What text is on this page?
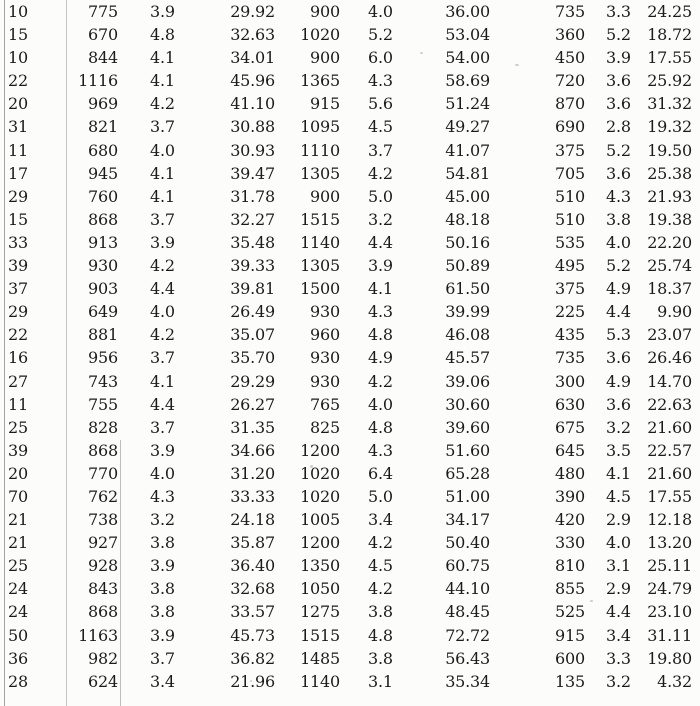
10	775 3.9	29.92	900 4.0	36.00	735 3.3	24.25
15	670 4.8	32.63	1020 5.2	53.04	360 5.2	18.72
10	844 4.1	34.01	900 6.0	54.00	450 3.9	17.55
22	1116 4.1	45.96	1365 4.3	58.69	720 3.6	25.92
20	969 4.2	41.10	915 5.6	51.24	870 3.6	31.32
31	821 3.7	30.88	1095 4.5	49.27	690 2.8	19.32
11	680 4.0	30.93	1110 3.7	41.07	375 5.2	19.50
17	945 4.1	39.47	1305 4.2	54.81	705 3.6	25.38
29	760 4.1	31.78	900 5.0	45.00	510 4.3	21.93
15	868 3.7	32.27	1515 3.2	48.18	510 3.8	19.38
33	913 3.9	35.48	1140 4.4	50.16	535 4.0	22.20
39	930 4.2	39.33	1305 3.9	50.89	495 5.2	25.74
37	903 4.4	39.81	1500 4.1	61.50	375 4.9	18.37
29	649 4.0	26.49	930 4.3	39.99	225 4.4	9.90
22	881 4.2	35.07	960 4.8	46.08	435 5.3	23.07
16	956 3.7	35.70	930 4.9	45.57	735 3.6	26.46
27	743 4.1	29.29	930 4.2	39.06	300 4.9	14.70
11	755 4.4	26.27	765 4.0	30.60	630 3.6	22.63
25	828 3.7	31.35	825 4.8	39.60	675 3.2	21.60
39	868 3.9	34.66	1200 4.3	51.60	645 3.5	22.57
20	770 4.0	31.20	1020 6.4	65.28	480 4.1	21.60
70	762 4.3	33.33	1020 5.0	51.00	390 4.5	17.55
21	738 3.2	24.18	1005 3.4	34.17	420 2.9	12.18
21	927 3.8	35.87	1200 4.2	50.40	330 4.0	13.20
25	928 3.9	36.40	1350 4.5	60.75	810 3.1	25.11
24	843 3.8	32.68	1050 4.2	44.10	855 2.9	24.79
24	868 3.8	33.57	1275 3.8	48.45	525 4.4	23.10
50	1163 3.9	45.73	1515 4.8	72.72	915 3.4	31.11
36	982 3.7	36.82	1485 3.8	56.43	600 3.3	19.80
28	624 3.4	21.96	1140 3.1	35.34	135 3.2	4.32
